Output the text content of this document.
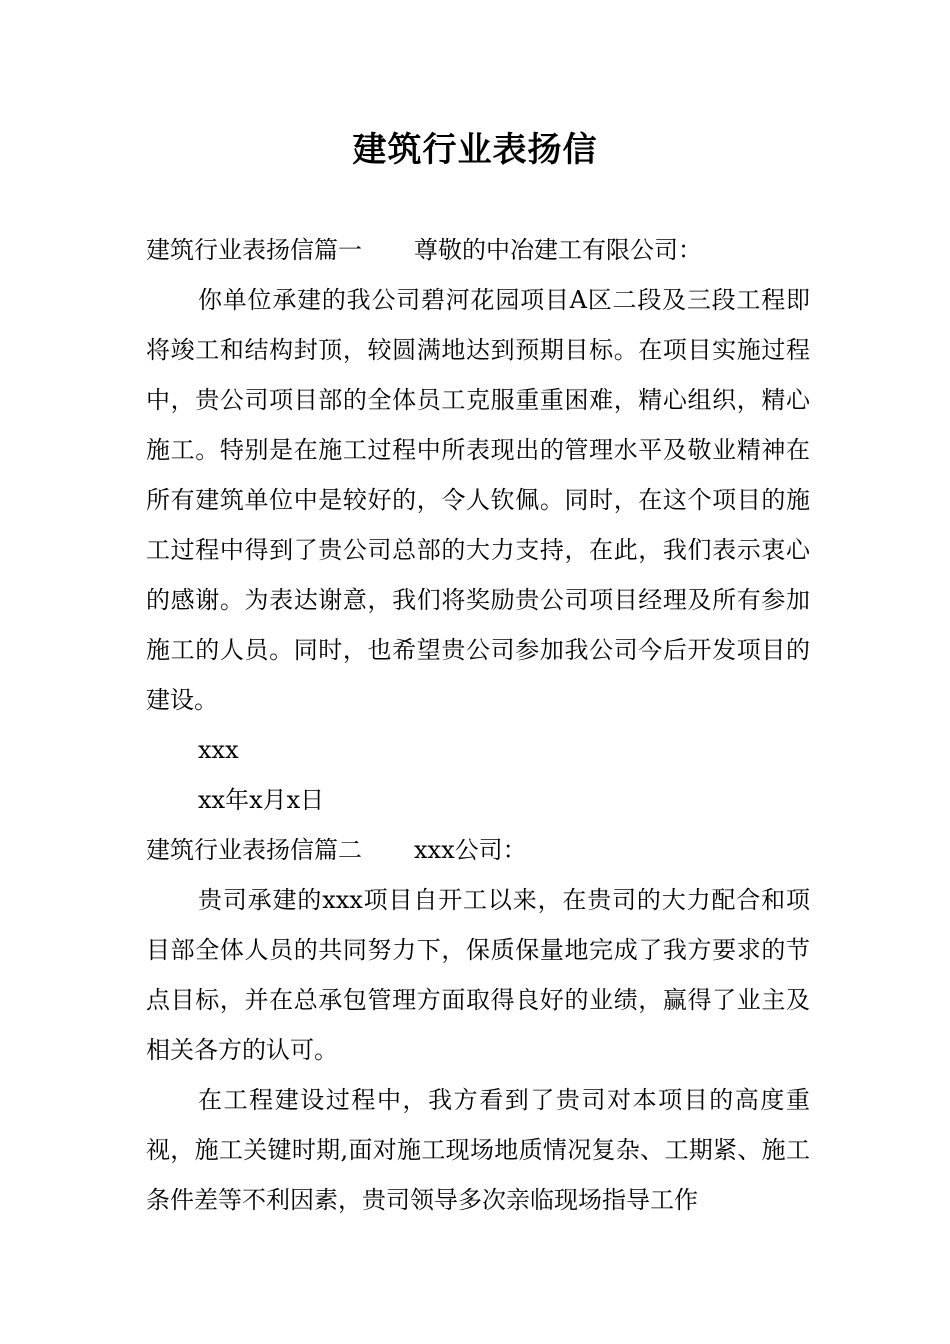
建筑行业表扬信

建筑行业表扬信篇一 尊敬的中冶建工有限公司：

你单位承建的我公司碧河花园项目A区二段及三段工程即将竣工和结构封顶，较圆满地达到预期目标。在项目实施过程中，贵公司项目部的全体员工克服重重困难，精心组织，精心施工。特别是在施工过程中所表现出的管理水平及敬业精神在所有建筑单位中是较好的，令人钦佩。同时，在这个项目的施工过程中得到了贵公司总部的大力支持，在此，我们表示衷心的感谢。为表达谢意，我们将奖励贵公司项目经理及所有参加施工的人员。同时，也希望贵公司参加我公司今后开发项目的建设。

xxx

xx年x月x日

建筑行业表扬信篇二 xxx公司：

贵司承建的xxx项目自开工以来，在贵司的大力配合和项目部全体人员的共同努力下，保质保量地完成了我方要求的节点目标，并在总承包管理方面取得良好的业绩，赢得了业主及相关各方的认可。

在工程建设过程中，我方看到了贵司对本项目的高度重视，施工关键时期,面对施工现场地质情况复杂、工期紧、施工条件差等不利因素，贵司领导多次亲临现场指导工作
